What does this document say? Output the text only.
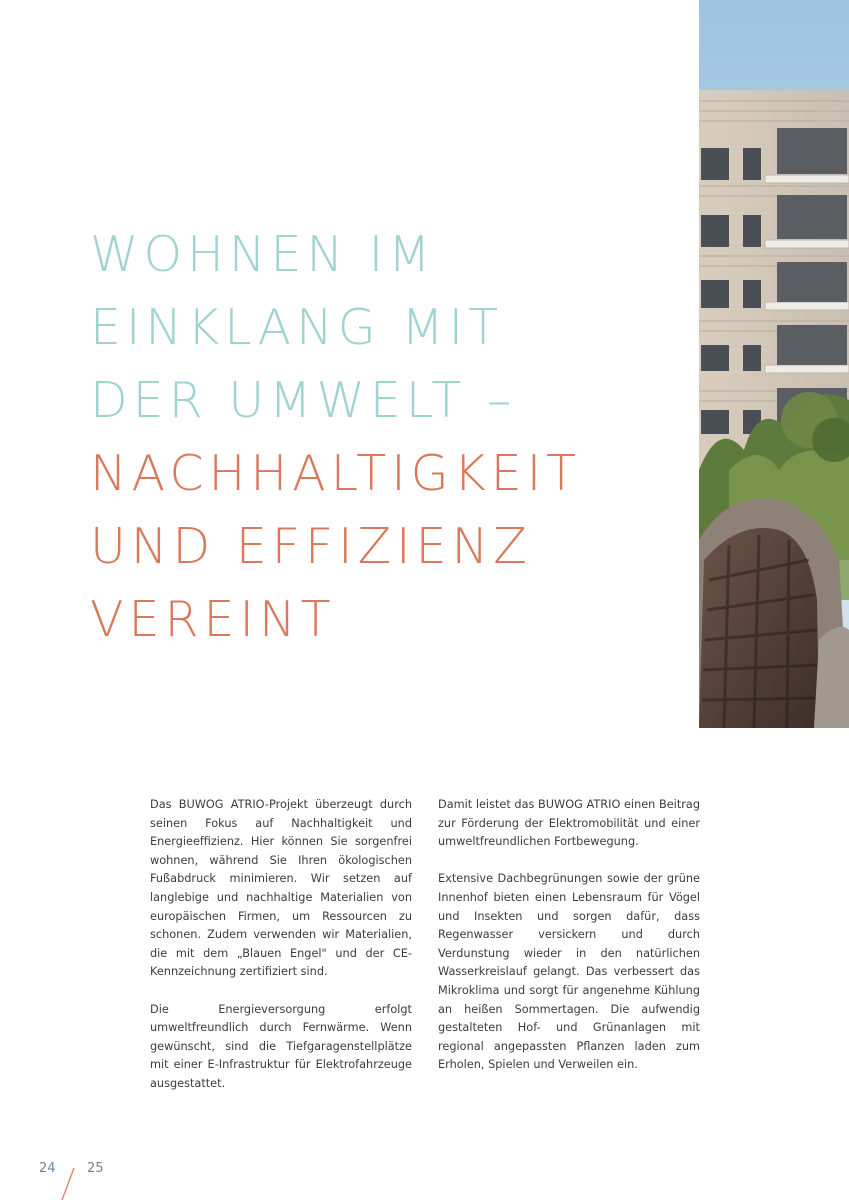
WOHNEN IM
EINKLANG MIT
DER UMWELT –
NACHHALTIGKEIT
UND EFFIZIENZ
VEREINT

Das BUWOG ATRIO-Projekt überzeugt durch seinen Fokus auf Nachhaltigkeit und Energieeffizienz. Hier können Sie sorgenfrei wohnen, während Sie Ihren ökologischen Fußabdruck minimieren. Wir setzen auf langlebige und nachhaltige Materialien von europäischen Firmen, um Ressourcen zu schonen. Zudem verwenden wir Materialien, die mit dem „Blauen Engel" und der CE-Kennzeichnung zertifiziert sind.

Die Energieversorgung erfolgt umweltfreundlich durch Fernwärme. Wenn gewünscht, sind die Tiefgaragenstellplätze mit einer E-Infrastruktur für Elektrofahrzeuge ausgestattet.

Damit leistet das BUWOG ATRIO einen Beitrag zur Förderung der Elektromobilität und einer umweltfreundlichen Fortbewegung.

Extensive Dachbegrünungen sowie der grüne Innenhof bieten einen Lebensraum für Vögel und Insekten und sorgen dafür, dass Regenwasser versickern und durch Verdunstung wieder in den natürlichen Wasserkreislauf gelangt. Das verbessert das Mikroklima und sorgt für angenehme Kühlung an heißen Sommertagen. Die aufwendig gestalteten Hof- und Grünanlagen mit regional angepassten Pflanzen laden zum Erholen, Spielen und Verweilen ein.

24 25
